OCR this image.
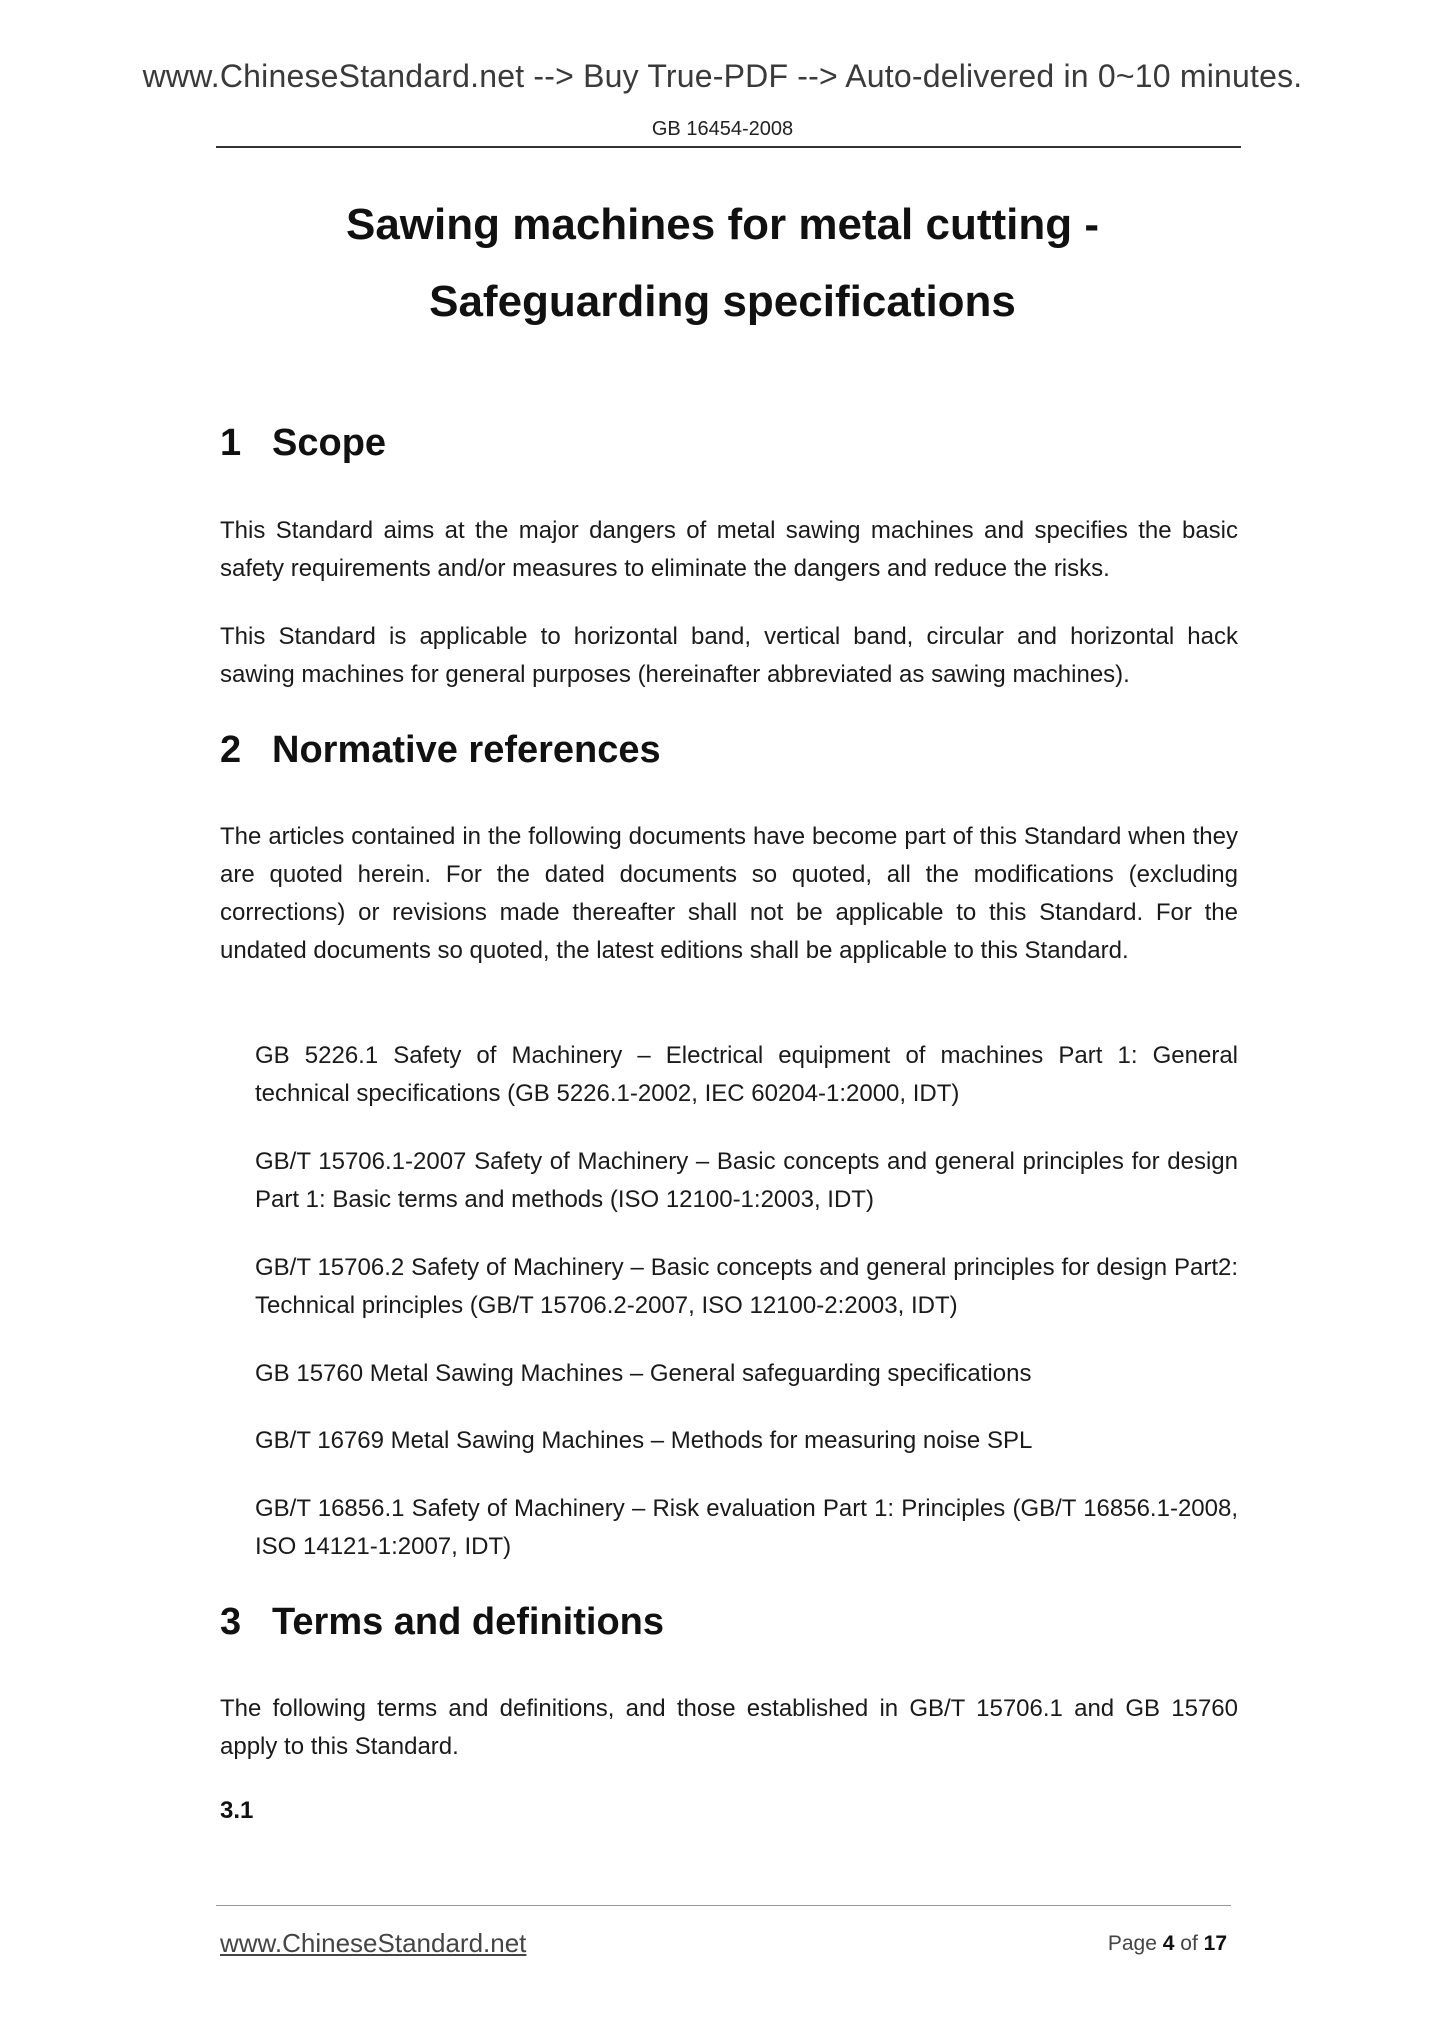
www.ChineseStandard.net --> Buy True-PDF --> Auto-delivered in 0~10 minutes.
GB 16454-2008
Sawing machines for metal cutting -
Safeguarding specifications

1 Scope

This Standard aims at the major dangers of metal sawing machines and specifies the basic safety requirements and/or measures to eliminate the dangers and reduce the risks.

This Standard is applicable to horizontal band, vertical band, circular and horizontal hack sawing machines for general purposes (hereinafter abbreviated as sawing machines).

2 Normative references

The articles contained in the following documents have become part of this Standard when they are quoted herein. For the dated documents so quoted, all the modifications (excluding corrections) or revisions made thereafter shall not be applicable to this Standard. For the undated documents so quoted, the latest editions shall be applicable to this Standard.

GB 5226.1 Safety of Machinery – Electrical equipment of machines Part 1: General technical specifications (GB 5226.1-2002, IEC 60204-1:2000, IDT)

GB/T 15706.1-2007 Safety of Machinery – Basic concepts and general principles for design Part 1: Basic terms and methods (ISO 12100-1:2003, IDT)

GB/T 15706.2 Safety of Machinery – Basic concepts and general principles for design Part2: Technical principles (GB/T 15706.2-2007, ISO 12100-2:2003, IDT)

GB 15760 Metal Sawing Machines – General safeguarding specifications

GB/T 16769 Metal Sawing Machines – Methods for measuring noise SPL

GB/T 16856.1 Safety of Machinery – Risk evaluation Part 1: Principles (GB/T 16856.1-2008, ISO 14121-1:2007, IDT)

3 Terms and definitions

The following terms and definitions, and those established in GB/T 15706.1 and GB 15760 apply to this Standard.

3.1
www.ChineseStandard.net	Page 4 of 17
